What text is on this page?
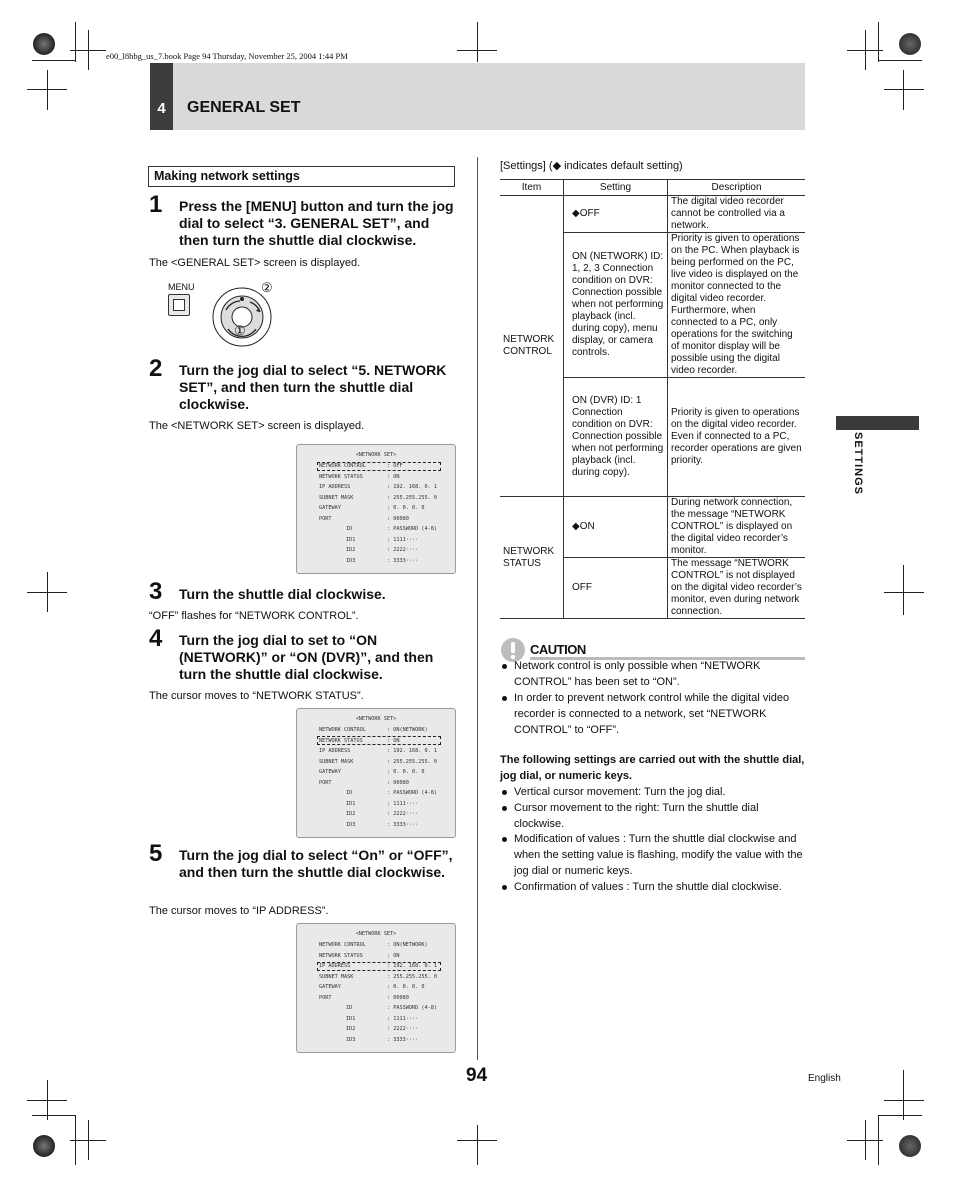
e00_l8hbg_us_7.book Page 94 Thursday, November 25, 2004 1:44 PM
4	GENERAL SET
SETTINGS
Making network settings
1 Press the [MENU] button and turn the jog dial to select “3. GENERAL SET”, and then turn the shuttle dial clockwise.
The <GENERAL SET> screen is displayed.
MENU	②
①
2 Turn the jog dial to select “5. NETWORK SET”, and then turn the shuttle dial clockwise.
The <NETWORK SET> screen is displayed.
<NETWORK SET>
NETWORK CONTROL	: OFF
NETWORK STATUS	: ON
IP ADDRESS	: 192. 168. 0. 1
SUBNET MASK	: 255.255.255. 0
GATEWAY	: 0. 0. 0. 0
PORT	: 00080
ID	: PASSWORD (4-8)
ID1	: 1111····
ID2	: 2222····
ID3	: 3333····
3 Turn the shuttle dial clockwise.
“OFF” flashes for “NETWORK CONTROL”.
4 Turn the jog dial to set to “ON (NETWORK)” or “ON (DVR)”, and then turn the shuttle dial clockwise.
The cursor moves to “NETWORK STATUS”.
<NETWORK SET>
NETWORK CONTROL	: ON(NETWORK)
NETWORK STATUS	: ON
IP ADDRESS	: 192. 168. 0. 1
SUBNET MASK	: 255.255.255. 0
GATEWAY	: 0. 0. 0. 0
PORT	: 00080
ID	: PASSWORD (4-8)
ID1	: 1111····
ID2	: 2222····
ID3	: 3333····
5 Turn the jog dial to select “On” or “OFF”, and then turn the shuttle dial clockwise.
The cursor moves to “IP ADDRESS”.
<NETWORK SET>
NETWORK CONTROL	: ON(NETWORK)
NETWORK STATUS	: ON
IP ADDRESS	: 192. 168. 0. 1
SUBNET MASK	: 255.255.255. 0
GATEWAY	: 0. 0. 0. 0
PORT	: 00080
ID	: PASSWORD (4-8)
ID1	: 1111····
ID2	: 2222····
ID3	: 3333····
[Settings] (◆ indicates default setting)
Item	Setting	Description
NETWORK CONTROL	◆OFF	The digital video recorder cannot be controlled via a network.
	ON (NETWORK) ID: 1, 2, 3 Connection condition on DVR: Connection possible when not performing playback (incl. during copy), menu display, or camera controls.	Priority is given to operations on the PC. When playback is being performed on the PC, live video is displayed on the monitor connected to the digital video recorder. Furthermore, when connected to a PC, only operations for the switching of monitor display will be possible using the digital video recorder.
	ON (DVR) ID: 1 Connection condition on DVR: Connection possible when not performing playback (incl. during copy).	Priority is given to operations on the digital video recorder. Even if connected to a PC, recorder operations are given priority.
NETWORK STATUS	◆ON	During network connection, the message “NETWORK CONTROL” is displayed on the digital video recorder’s monitor.
	OFF	The message “NETWORK CONTROL” is not displayed on the digital video recorder’s monitor, even during network connection.
CAUTION
Network control is only possible when “NETWORK CONTROL” has been set to “ON”.
In order to prevent network control while the digital video recorder is connected to a network, set “NETWORK CONTROL” to “OFF”.
The following settings are carried out with the shuttle dial, jog dial, or numeric keys.
Vertical cursor movement: Turn the jog dial.
Cursor movement to the right: Turn the shuttle dial clockwise.
Modification of values : Turn the shuttle dial clockwise and when the setting value is flashing, modify the value with the jog dial or numeric keys.
Confirmation of values : Turn the shuttle dial clockwise.
94	English
